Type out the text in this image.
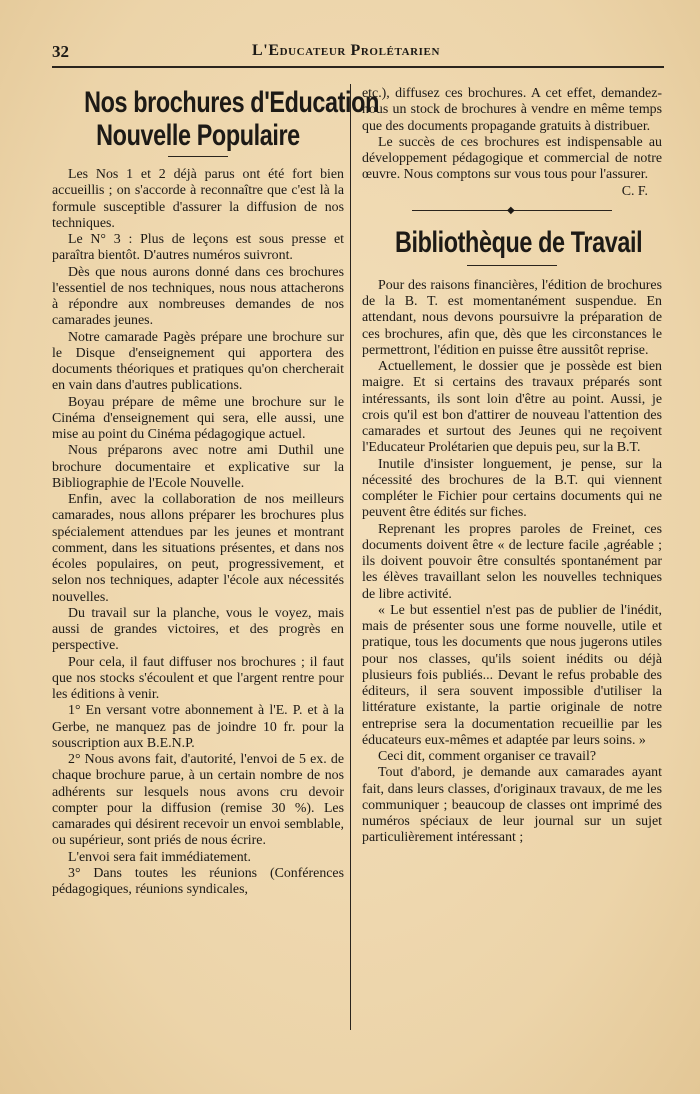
32	L'Educateur Prolétarien
Nos brochures d'Education
Nouvelle Populaire

Les Nos 1 et 2 déjà parus ont été fort bien accueillis ; on s'accorde à reconnaître que c'est là la formule susceptible d'assurer la diffusion de nos techniques.

Le N° 3 : Plus de leçons est sous presse et paraîtra bientôt. D'autres numéros suivront.

Dès que nous aurons donné dans ces brochures l'essentiel de nos techniques, nous nous attacherons à répondre aux nombreuses demandes de nos camarades jeunes.

Notre camarade Pagès prépare une brochure sur le Disque d'enseignement qui apportera des documents théoriques et pratiques qu'on chercherait en vain dans d'autres publications.

Boyau prépare de même une brochure sur le Cinéma d'enseignement qui sera, elle aussi, une mise au point du Cinéma pédagogique actuel.

Nous préparons avec notre ami Duthil une brochure documentaire et explicative sur la Bibliographie de l'Ecole Nouvelle.

Enfin, avec la collaboration de nos meilleurs camarades, nous allons préparer les brochures plus spécialement attendues par les jeunes et montrant comment, dans les situations présentes, et dans nos écoles populaires, on peut, progressivement, et selon nos techniques, adapter l'école aux nécessités nouvelles.

Du travail sur la planche, vous le voyez, mais aussi de grandes victoires, et des progrès en perspective.

Pour cela, il faut diffuser nos brochures ; il faut que nos stocks s'écoulent et que l'argent rentre pour les éditions à venir.

1° En versant votre abonnement à l'E. P. et à la Gerbe, ne manquez pas de joindre 10 fr. pour la souscription aux B.E.N.P.

2° Nous avons fait, d'autorité, l'envoi de 5 ex. de chaque brochure parue, à un certain nombre de nos adhérents sur lesquels nous avons cru devoir compter pour la diffusion (remise 30 %). Les camarades qui désirent recevoir un envoi semblable, ou supérieur, sont priés de nous écrire.

L'envoi sera fait immédiatement.

3° Dans toutes les réunions (Conférences pédagogiques, réunions syndicales,

etc.), diffusez ces brochures. A cet effet, demandez-nous un stock de brochures à vendre en même temps que des documents propagande gratuits à distribuer.

Le succès de ces brochures est indispensable au développement pédagogique et commercial de notre œuvre. Nous comptons sur vous tous pour l'assurer.

C. F.
◆
Bibliothèque de Travail

Pour des raisons financières, l'édition de brochures de la B. T. est momentanément suspendue. En attendant, nous devons poursuivre la préparation de ces brochures, afin que, dès que les circonstances le permettront, l'édition en puisse être aussitôt reprise.

Actuellement, le dossier que je possède est bien maigre. Et si certains des travaux préparés sont intéressants, ils sont loin d'être au point. Aussi, je crois qu'il est bon d'attirer de nouveau l'attention des camarades et surtout des Jeunes qui ne reçoivent l'Educateur Prolétarien que depuis peu, sur la B.T.

Inutile d'insister longuement, je pense, sur la nécessité des brochures de la B.T. qui viennent compléter le Fichier pour certains documents qui ne peuvent être édités sur fiches.

Reprenant les propres paroles de Freinet, ces documents doivent être « de lecture facile ,agréable ; ils doivent pouvoir être consultés spontanément par les élèves travaillant selon les nouvelles techniques de libre activité.

« Le but essentiel n'est pas de publier de l'inédit, mais de présenter sous une forme nouvelle, utile et pratique, tous les documents que nous jugerons utiles pour nos classes, qu'ils soient inédits ou déjà plusieurs fois publiés... Devant le refus probable des éditeurs, il sera souvent impossible d'utiliser la littérature existante, la partie originale de notre entreprise sera la documentation recueillie par les éducateurs eux-mêmes et adaptée par leurs soins. »

Ceci dit, comment organiser ce travail?

Tout d'abord, je demande aux camarades ayant fait, dans leurs classes, d'originaux travaux, de me les communiquer ; beaucoup de classes ont imprimé des numéros spéciaux de leur journal sur un sujet particulièrement intéressant ;
